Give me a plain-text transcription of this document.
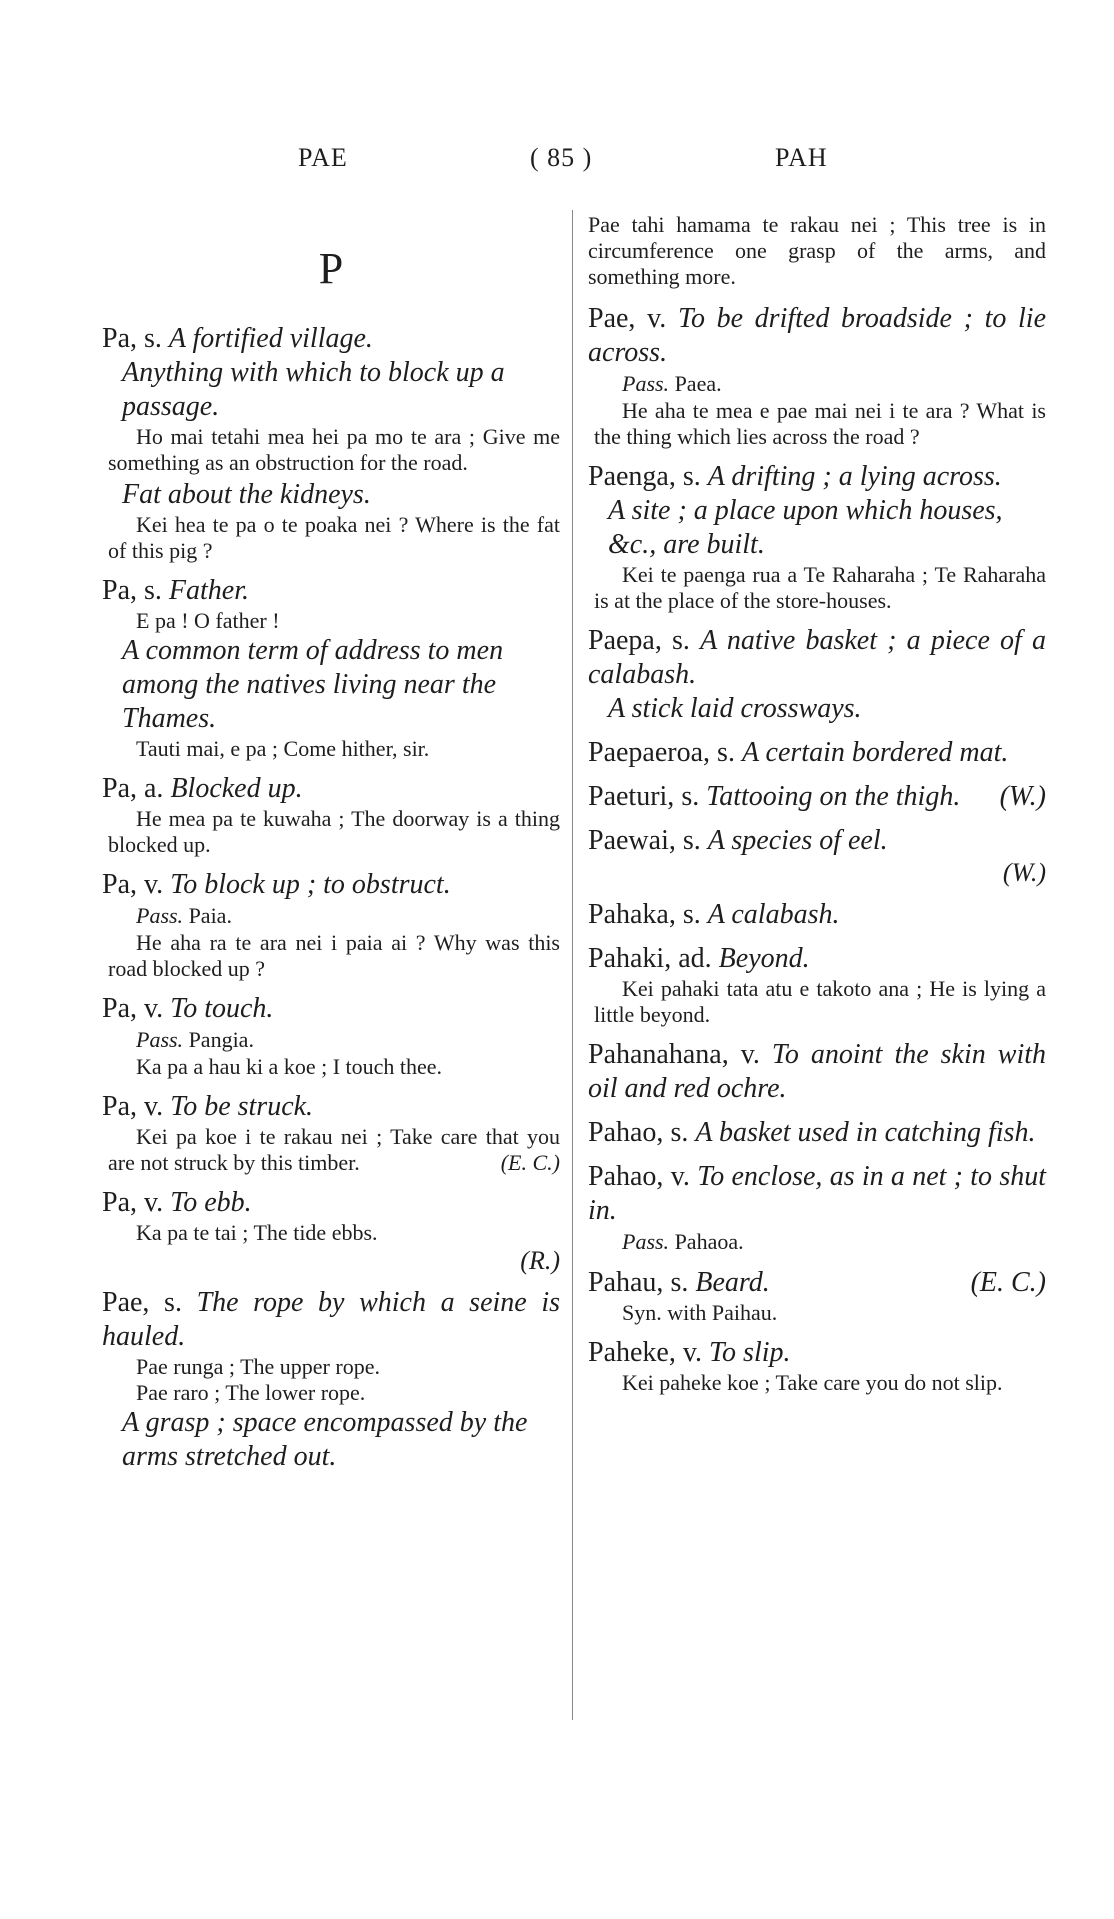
PAE	( 85 )	PAH
P
Pa, s. A fortified village.
Anything with which to block up a passage.
Ho mai tetahi mea hei pa mo te ara ; Give me something as an obstruction for the road.
Fat about the kidneys.
Kei hea te pa o te poaka nei ? Where is the fat of this pig ?
Pa, s. Father.
E pa ! O father !
A common term of address to men among the natives living near the Thames.
Tauti mai, e pa ; Come hither, sir.
Pa, a. Blocked up.
He mea pa te kuwaha ; The doorway is a thing blocked up.
Pa, v. To block up ; to obstruct.
Pass. Paia.
He aha ra te ara nei i paia ai ? Why was this road blocked up ?
Pa, v. To touch.
Pass. Pangia.
Ka pa a hau ki a koe ; I touch thee.
Pa, v. To be struck.
Kei pa koe i te rakau nei ; Take care that you are not struck by this timber.	(E. C.)
Pa, v. To ebb.
Ka pa te tai ; The tide ebbs.
(R.)
Pae, s. The rope by which a seine is hauled.
Pae runga ; The upper rope.
Pae raro ; The lower rope.
A grasp ; space encompassed by the arms stretched out.
Pae tahi hamama te rakau nei ; This tree is in circumference one grasp of the arms, and something more.
Pae, v. To be drifted broadside ; to lie across.
Pass. Paea.
He aha te mea e pae mai nei i te ara ? What is the thing which lies across the road ?
Paenga, s. A drifting ; a lying across.
A site ; a place upon which houses, &c., are built.
Kei te paenga rua a Te Raharaha ; Te Raharaha is at the place of the store-houses.
Paepa, s. A native basket ; a piece of a calabash.
A stick laid crossways.
Paepaeroa, s. A certain bordered mat.
Paeturi, s. Tattooing on the thigh. (W.)
Paewai, s. A species of eel.
(W.)
Pahaka, s. A calabash.
Pahaki, ad. Beyond.
Kei pahaki tata atu e takoto ana ; He is lying a little beyond.
Pahanahana, v. To anoint the skin with oil and red ochre.
Pahao, s. A basket used in catching fish.
Pahao, v. To enclose, as in a net ; to shut in.
Pass. Pahaoa.
Pahau, s. Beard.	(E. C.)
Syn. with Paihau.
Paheke, v. To slip.
Kei paheke koe ; Take care you do not slip.
